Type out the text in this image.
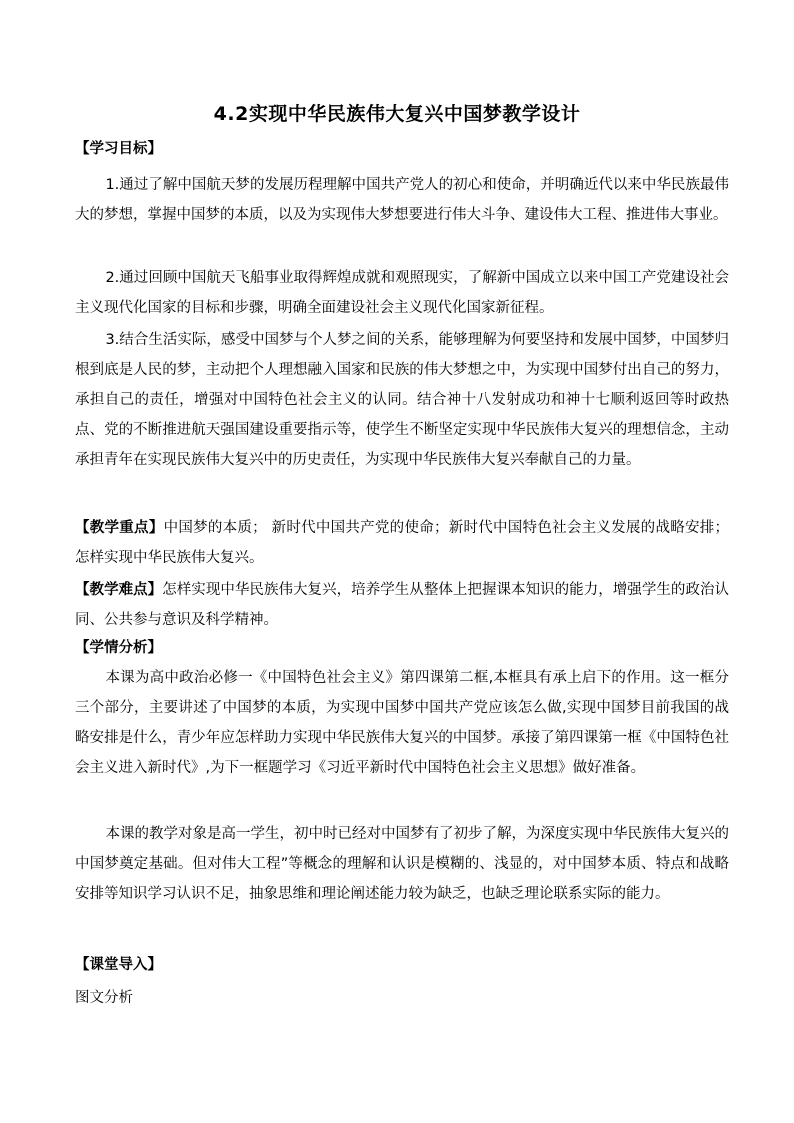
4.2实现中华民族伟大复兴中国梦教学设计
【学习目标】
1.通过了解中国航天梦的发展历程理解中国共产党人的初心和使命，并明确近代以来中华民族最伟大的梦想，掌握中国梦的本质，以及为实现伟大梦想要进行伟大斗争、建设伟大工程、推进伟大事业。
2.通过回顾中国航天飞船事业取得辉煌成就和观照现实，了解新中国成立以来中国工产党建设社会主义现代化国家的目标和步骤，明确全面建设社会主义现代化国家新征程。
3.结合生活实际，感受中国梦与个人梦之间的关系，能够理解为何要坚持和发展中国梦，中国梦归根到底是人民的梦，主动把个人理想融入国家和民族的伟大梦想之中，为实现中国梦付出自己的努力，承担自己的责任，增强对中国特色社会主义的认同。结合神十八发射成功和神十七顺利返回等时政热点、党的不断推进航天强国建设重要指示等，使学生不断坚定实现中华民族伟大复兴的理想信念，主动承担青年在实现民族伟大复兴中的历史责任，为实现中华民族伟大复兴奉献自己的力量。
【教学重点】中国梦的本质； 新时代中国共产党的使命；新时代中国特色社会主义发展的战略安排；怎样实现中华民族伟大复兴。
【教学难点】怎样实现中华民族伟大复兴，培养学生从整体上把握课本知识的能力，增强学生的政治认同、公共参与意识及科学精神。
【学情分析】
本课为高中政治必修一《中国特色社会主义》第四课第二框,本框具有承上启下的作用。这一框分三个部分，主要讲述了中国梦的本质，为实现中国梦中国共产党应该怎么做,实现中国梦目前我国的战略安排是什么，青少年应怎样助力实现中华民族伟大复兴的中国梦。承接了第四课第一框《中国特色社会主义进入新时代》,为下一框题学习《习近平新时代中国特色社会主义思想》做好准备。
本课的教学对象是高一学生，初中时已经对中国梦有了初步了解，为深度实现中华民族伟大复兴的中国梦奠定基础。但对伟大工程”等概念的理解和认识是模糊的、浅显的，对中国梦本质、特点和战略安排等知识学习认识不足，抽象思维和理论阐述能力较为缺乏，也缺乏理论联系实际的能力。
【课堂导入】
图文分析
